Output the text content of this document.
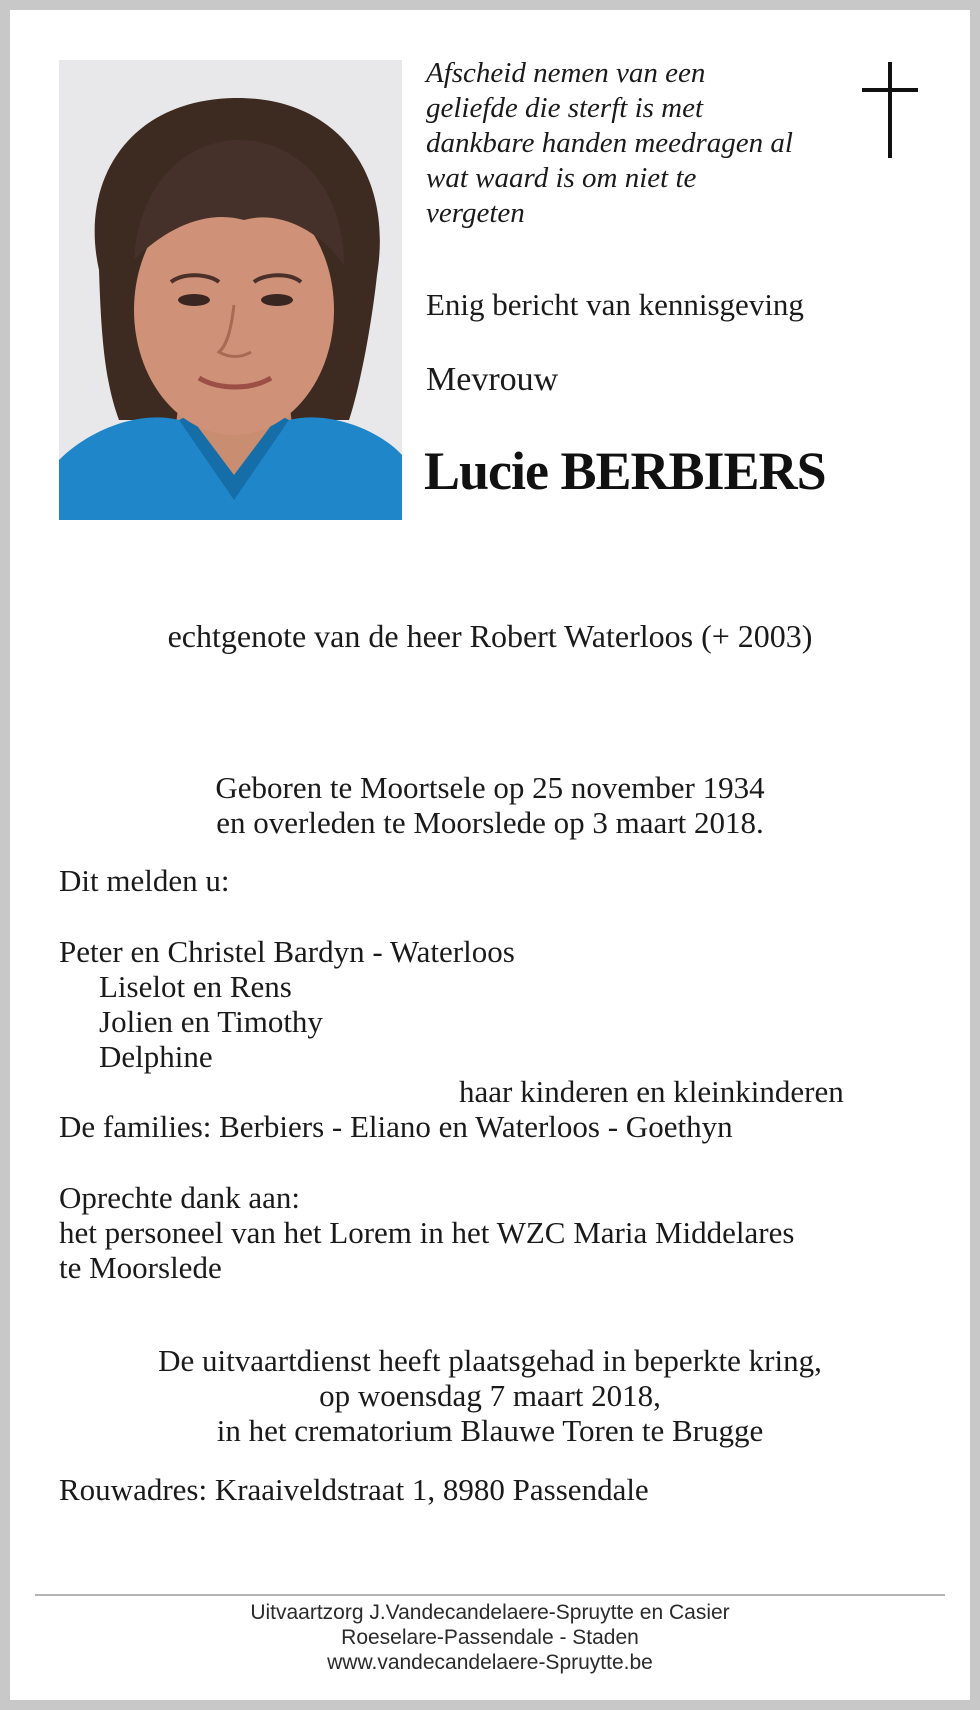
Afscheid nemen van een
geliefde die sterft is met
dankbare handen meedragen al
wat waard is om niet te
vergeten
Enig bericht van kennisgeving
Mevrouw
Lucie BERBIERS
echtgenote van de heer Robert Waterloos (+ 2003)
Geboren te Moortsele op 25 november 1934
en overleden te Moorslede op 3 maart 2018.
Dit melden u:
Peter en Christel Bardyn - Waterloos
Liselot en Rens
Jolien en Timothy
Delphine
haar kinderen en kleinkinderen
De families: Berbiers - Eliano en Waterloos - Goethyn
Oprechte dank aan:
het personeel van het Lorem in het WZC Maria Middelares
te Moorslede
De uitvaartdienst heeft plaatsgehad in beperkte kring,
op woensdag 7 maart 2018,
in het crematorium Blauwe Toren te Brugge
Rouwadres: Kraaiveldstraat 1, 8980 Passendale
Uitvaartzorg J.Vandecandelaere-Spruytte en Casier
Roeselare-Passendale - Staden
www.vandecandelaere-Spruytte.be
